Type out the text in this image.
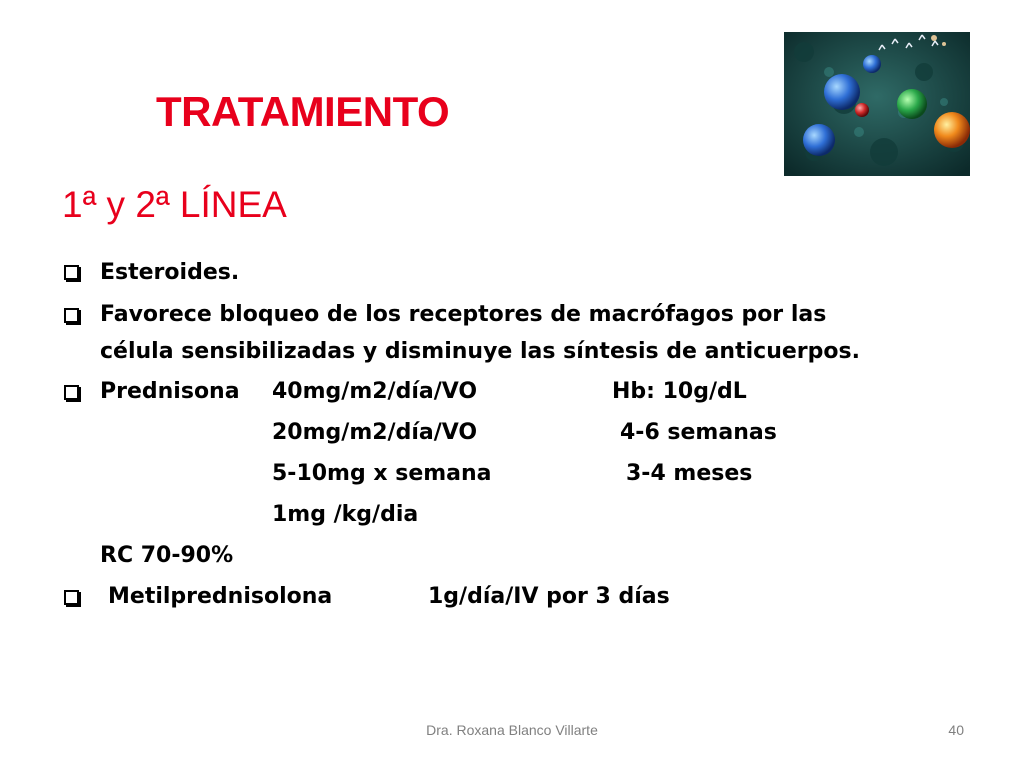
TRATAMIENTO
1ª y 2ª LÍNEA
Esteroides.
Favorece bloqueo de los receptores de macrófagos por las
célula sensibilizadas y disminuye las síntesis de anticuerpos.
Prednisona 40mg/m2/día/VO	Hb: 10g/dL
20mg/m2/día/VO	4-6 semanas
5-10mg x semana	3-4 meses
1mg /kg/dia
RC 70-90%
Metilprednisolona	1g/día/IV por 3 días
Dra. Roxana Blanco Villarte	40
